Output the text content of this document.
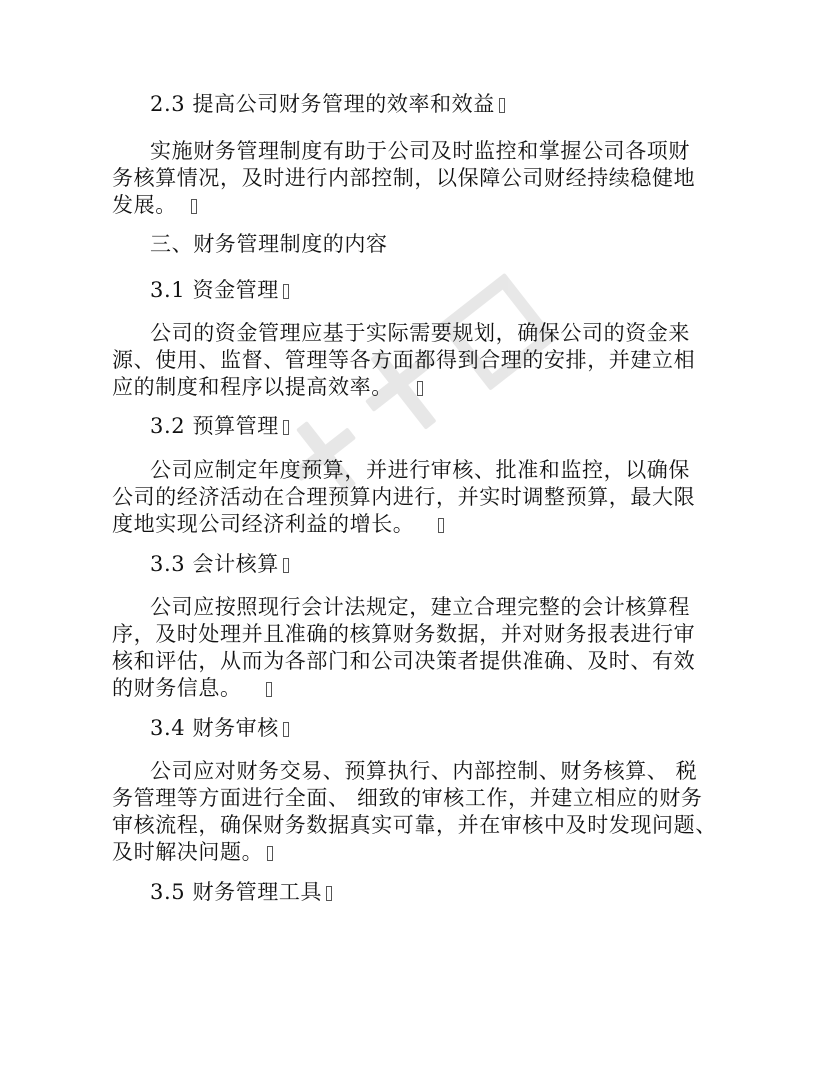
2.3 提高公司财务管理的效率和效益
实施财务管理制度有助于公司及时监控和掌握公司各项财
务核算情况，及时进行内部控制，以保障公司财经持续稳健地
发展。
三、财务管理制度的内容
3.1 资金管理
公司的资金管理应基于实际需要规划，确保公司的资金来
源、使用、监督、管理等各方面都得到合理的安排，并建立相
应的制度和程序以提高效率。
3.2 预算管理
公司应制定年度预算，并进行审核、批准和监控，以确保
公司的经济活动在合理预算内进行，并实时调整预算，最大限
度地实现公司经济利益的增长。
3.3 会计核算
公司应按照现行会计法规定，建立合理完整的会计核算程
序，及时处理并且准确的核算财务数据，并对财务报表进行审
核和评估，从而为各部门和公司决策者提供准确、及时、有效
的财务信息。
3.4 财务审核
公司应对财务交易、预算执行、内部控制、财务核算、 税
务管理等方面进行全面、 细致的审核工作，并建立相应的财务
审核流程，确保财务数据真实可靠，并在审核中及时发现问题、
及时解决问题。
3.5 财务管理工具
